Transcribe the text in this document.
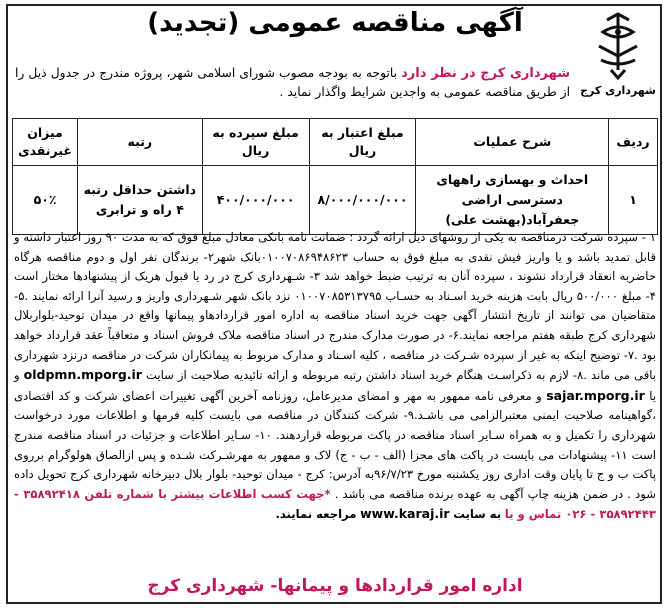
شهرداری کرج
آگهی مناقصه عمومی (تجدید)
شهرداری کرج در نظر دارد باتوجه به بودجه مصوب شورای اسلامی شهر، پروژه مندرج در جدول ذیل را از طریق مناقصه عمومی به واجدین شرایط واگذار نماید .
ردیف	شرح عملیات	مبلغ اعتبار به ریال	مبلغ سپرده به ریال	رتبه	میزان غیرنقدی
۱	احداث و بهسازی راههای دسترسی اراضی جعفرآباد(بهشت علی)	۸/۰۰۰/۰۰۰/۰۰۰	۴۰۰/۰۰۰/۰۰۰	داشتن حداقل رتبه ۴ راه و ترابری	۵۰٪
۱ - سپرده شرکت درمناقصه به یکی از روشهای ذیل ارائه گردد : ضمانت نامه بانکی معادل مبلغ فوق که به مدت ۹۰ روز اعتبار داشته و قابل تمدید باشد و یا واریز فیش نقدی به مبلغ فوق به حساب ۰۱۰۰۷۰۸۶۹۴۸۶۲۳بانک شهر۲- برندگان نفر اول و دوم مناقصه هرگاه حاضربه انعقاد قرارداد نشوند ، سپرده آنان به ترتیب ضبط خواهد شد ۳- شـهرداری کرج در رد یا قبول هریک از پیشنهادها مختار است ۴- مبلغ ۵۰۰/۰۰۰ ریال بابت هزینه خرید اسـناد به حسـاب ۰۱۰۰۷۰۸۵۳۱۳۷۹۵ نزد بانک شهر شـهرداری واریز و رسید آنرا ارائه نمایند .۵- متقاضیان می توانند از تاریخ انتشار آگهی جهت خرید اسناد مناقصه به اداره امور قراردادهاو پیمانها واقع در میدان توحید-بلواربلال شهرداری کرج طبقه هفتم مراجعه نمایند.۶- در صورت مدارک مندرج در اسناد مناقصه ملاک فروش اسناد و متعاقباً عقد قرارداد خواهد بود .۷- توضیح اینکه به غیر از سپرده شـرکت در مناقصه ، کلیه اسـناد و مدارک مربوط به پیمانکاران شرکت در مناقصه درنزد شهرداری باقی می ماند .۸- لازم به ذکراسـت هنگام خرید اسناد داشتن رتبه مربوطه و ارائه تائیدیه صلاحیت از سایت oldpmn.mporg.ir و یا sajar.mporg.ir و معرفی نامه ممهور به مهر و امضای مدیرعامل، روزنامه آخرین آگهی تغییرات اعضای شرکت و کد اقتصادی ،گواهینامه صلاحیت ایمنی معتبرالزامی می باشـد.۹- شرکت کنندگان در مناقصه می بایست کلیه فرمها و اطلاعات مورد درخواست شهرداری را تکمیل و به همراه سـایر اسناد مناقصه در پاکت مربوطه قراردهند. ۱۰- سـایر اطلاعات و جزئیات در اسناد مناقصه مندرج است ۱۱- پیشنهادات می بایست در پاکت های مجزا (الف - ب - ج) لاک و ممهور به مهرشـرکت شـده و پس ازالصاق هولوگرام برروی پاکت ب و ج تا پایان وقت اداری روز یکشنبه مورخ ۹۶/۷/۲۳به آدرس: کرج - میدان توحید- بلوار بلال دبیرخانه شهرداری کرج تحویل داده شود . در ضمن هزینه چاپ آگهی به عهده برنده مناقصه می باشد . *جهت کسب اطلاعات بیشتر با شماره تلفن ۳۵۸۹۲۴۱۸ - ۳۵۸۹۲۴۴۳ - ۰۲۶ تماس و یا به سایت www.karaj.ir مراجعه نمایند.
اداره امور قراردادها و پیمانها- شهرداری کرج
